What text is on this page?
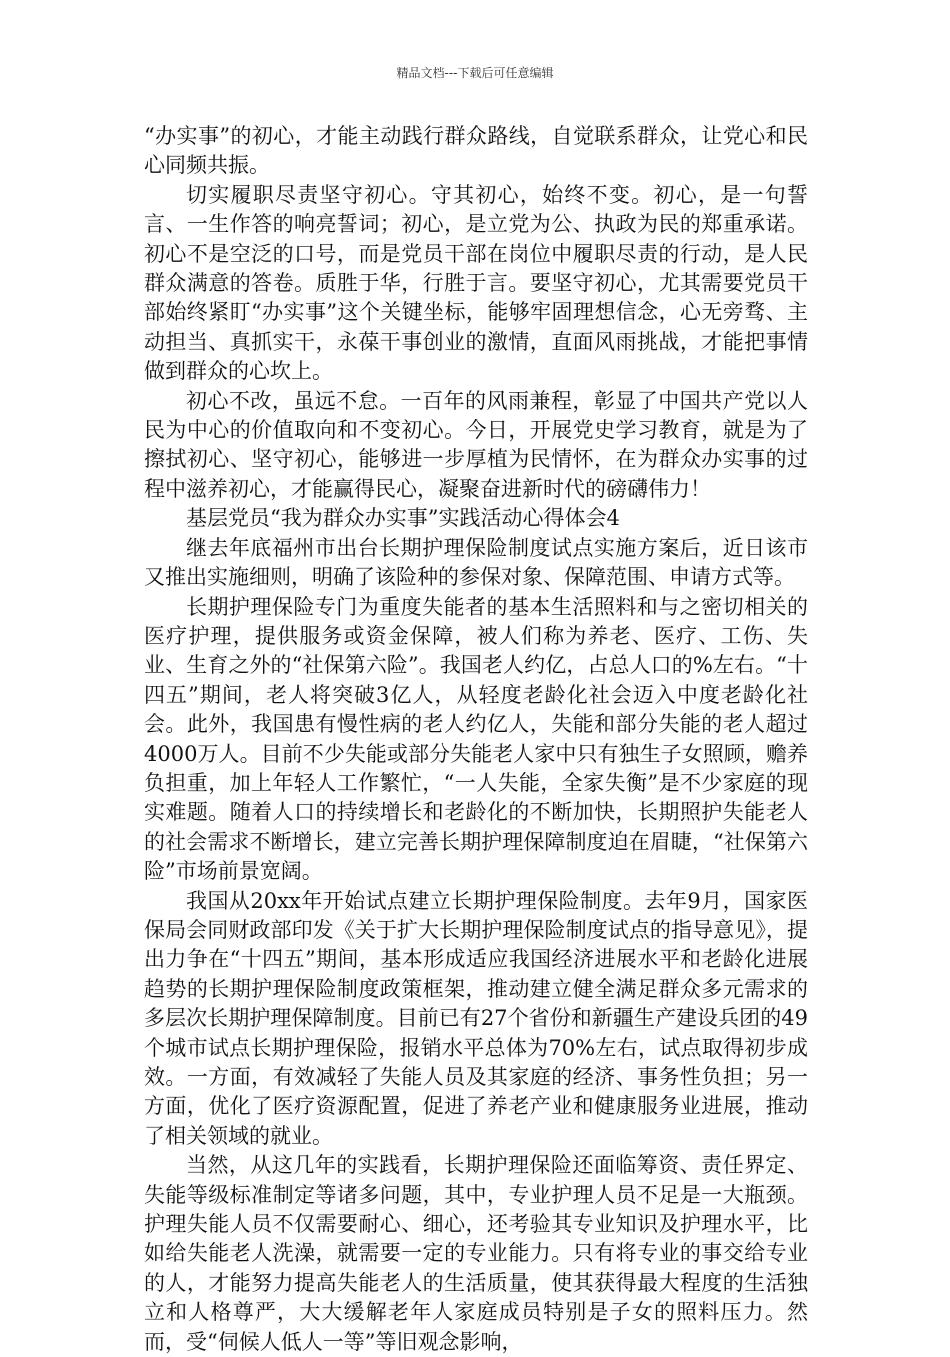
精品文档---下载后可任意编辑

“办实事”的初心，才能主动践行群众路线，自觉联系群众，让党心和民心同频共振。

切实履职尽责坚守初心。守其初心，始终不变。初心，是一句誓言、一生作答的响亮誓词；初心，是立党为公、执政为民的郑重承诺。初心不是空泛的口号，而是党员干部在岗位中履职尽责的行动，是人民群众满意的答卷。质胜于华，行胜于言。要坚守初心，尤其需要党员干部始终紧盯“办实事”这个关键坐标，能够牢固理想信念，心无旁骛、主动担当、真抓实干，永葆干事创业的激情，直面风雨挑战，才能把事情做到群众的心坎上。

初心不改，虽远不怠。一百年的风雨兼程，彰显了中国共产党以人民为中心的价值取向和不变初心。今日，开展党史学习教育，就是为了擦拭初心、坚守初心，能够进一步厚植为民情怀，在为群众办实事的过程中滋养初心，才能赢得民心，凝聚奋进新时代的磅礴伟力！

基层党员“我为群众办实事”实践活动心得体会4

继去年底福州市出台长期护理保险制度试点实施方案后，近日该市又推出实施细则，明确了该险种的参保对象、保障范围、申请方式等。

长期护理保险专门为重度失能者的基本生活照料和与之密切相关的医疗护理，提供服务或资金保障，被人们称为养老、医疗、工伤、失业、生育之外的“社保第六险”。我国老人约亿，占总人口的%左右。“十四五”期间，老人将突破3亿人，从轻度老龄化社会迈入中度老龄化社会。此外，我国患有慢性病的老人约亿人，失能和部分失能的老人超过4000万人。目前不少失能或部分失能老人家中只有独生子女照顾，赡养负担重，加上年轻人工作繁忙，“一人失能，全家失衡”是不少家庭的现实难题。随着人口的持续增长和老龄化的不断加快，长期照护失能老人的社会需求不断增长，建立完善长期护理保障制度迫在眉睫，“社保第六险”市场前景宽阔。

我国从20xx年开始试点建立长期护理保险制度。去年9月，国家医保局会同财政部印发《关于扩大长期护理保险制度试点的指导意见》，提出力争在“十四五”期间，基本形成适应我国经济进展水平和老龄化进展趋势的长期护理保险制度政策框架，推动建立健全满足群众多元需求的多层次长期护理保障制度。目前已有27个省份和新疆生产建设兵团的49个城市试点长期护理保险，报销水平总体为70%左右，试点取得初步成效。一方面，有效减轻了失能人员及其家庭的经济、事务性负担；另一方面，优化了医疗资源配置，促进了养老产业和健康服务业进展，推动了相关领域的就业。

当然，从这几年的实践看，长期护理保险还面临筹资、责任界定、失能等级标准制定等诸多问题，其中，专业护理人员不足是一大瓶颈。护理失能人员不仅需要耐心、细心，还考验其专业知识及护理水平，比如给失能老人洗澡，就需要一定的专业能力。只有将专业的事交给专业的人，才能努力提高失能老人的生活质量，使其获得最大程度的生活独立和人格尊严，大大缓解老年人家庭成员特别是子女的照料压力。然而，受“伺候人低人一等”等旧观念影响，
